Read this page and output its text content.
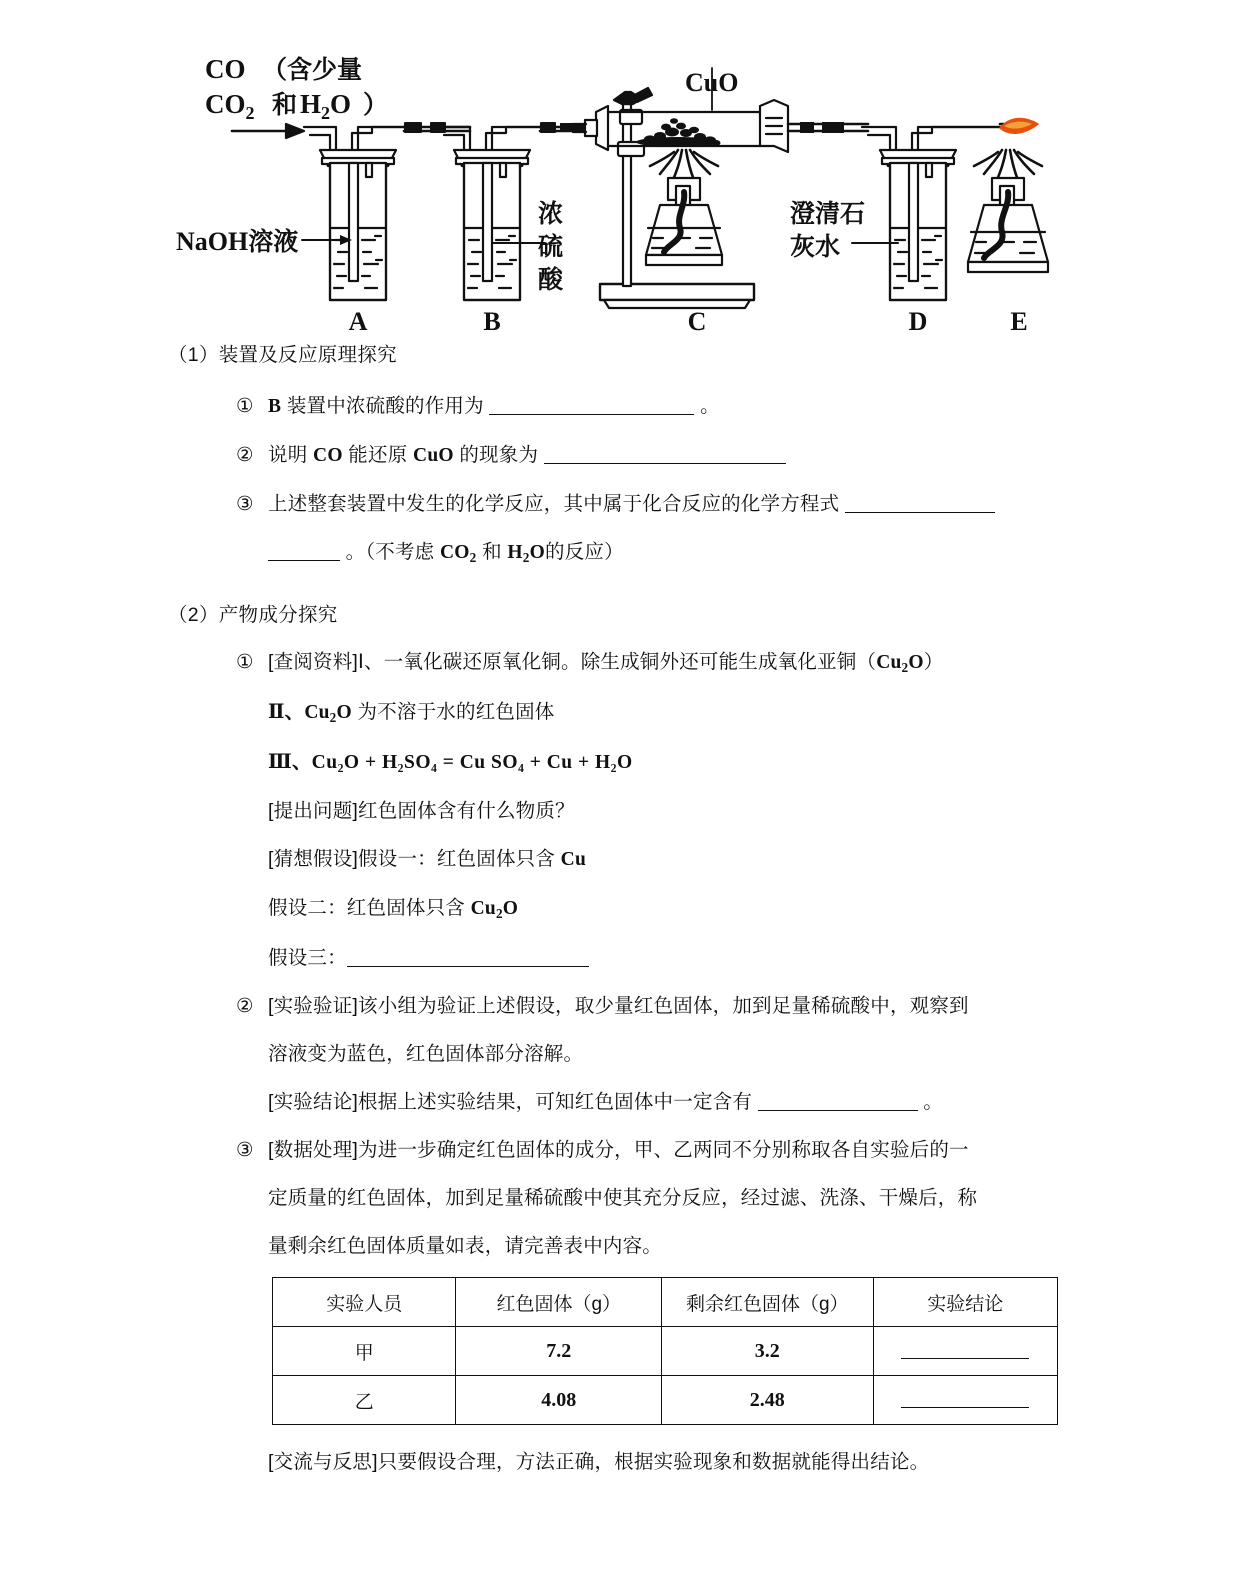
CO （含少量
$CO_2$ 和 $H_2O$ ）
NaOH溶液
浓
硫
酸
CuO
澄清石
灰水
A	B	C	D	E

（1）装置及反应原理探究

① B 装置中浓硫酸的作用为	。
② 说明 CO 能还原 CuO 的现象为
③ 上述整套装置中发生的化学反应，其中属于化合反应的化学方程式
。（不考虑 $CO_2$ 和 $H_2O$的反应）

（2）产物成分探究

① [查阅资料]Ⅰ、一氧化碳还原氧化铜。除生成铜外还可能生成氧化亚铜$(Cu_2O)$
Ⅱ、$Cu_2O$ 为不溶于水的红色固体
Ⅲ、Cu₂O + H₂SO₄ = Cu SO₄ + Cu + H₂O
[提出问题]红色固体含有什么物质？
[猜想假设]假设一：红色固体只含 Cu
假设二：红色固体只含 $Cu_2O$
假设三：
② [实验验证]该小组为验证上述假设，取少量红色固体，加到足量稀硫酸中，观察到
溶液变为蓝色，红色固体部分溶解。
[实验结论]根据上述实验结果，可知红色固体中一定含有	。
③ [数据处理]为进一步确定红色固体的成分，甲、乙两同不分别称取各自实验后的一
定质量的红色固体，加到足量稀硫酸中使其充分反应，经过滤、洗涤、干燥后，称
量剩余红色固体质量如表，请完善表中内容。
实验人员	红色固体（g）	剩余红色固体（g）	实验结论
甲	7.2	3.2	
乙	4.08	2.48	
[交流与反思]只要假设合理，方法正确，根据实验现象和数据就能得出结论。
